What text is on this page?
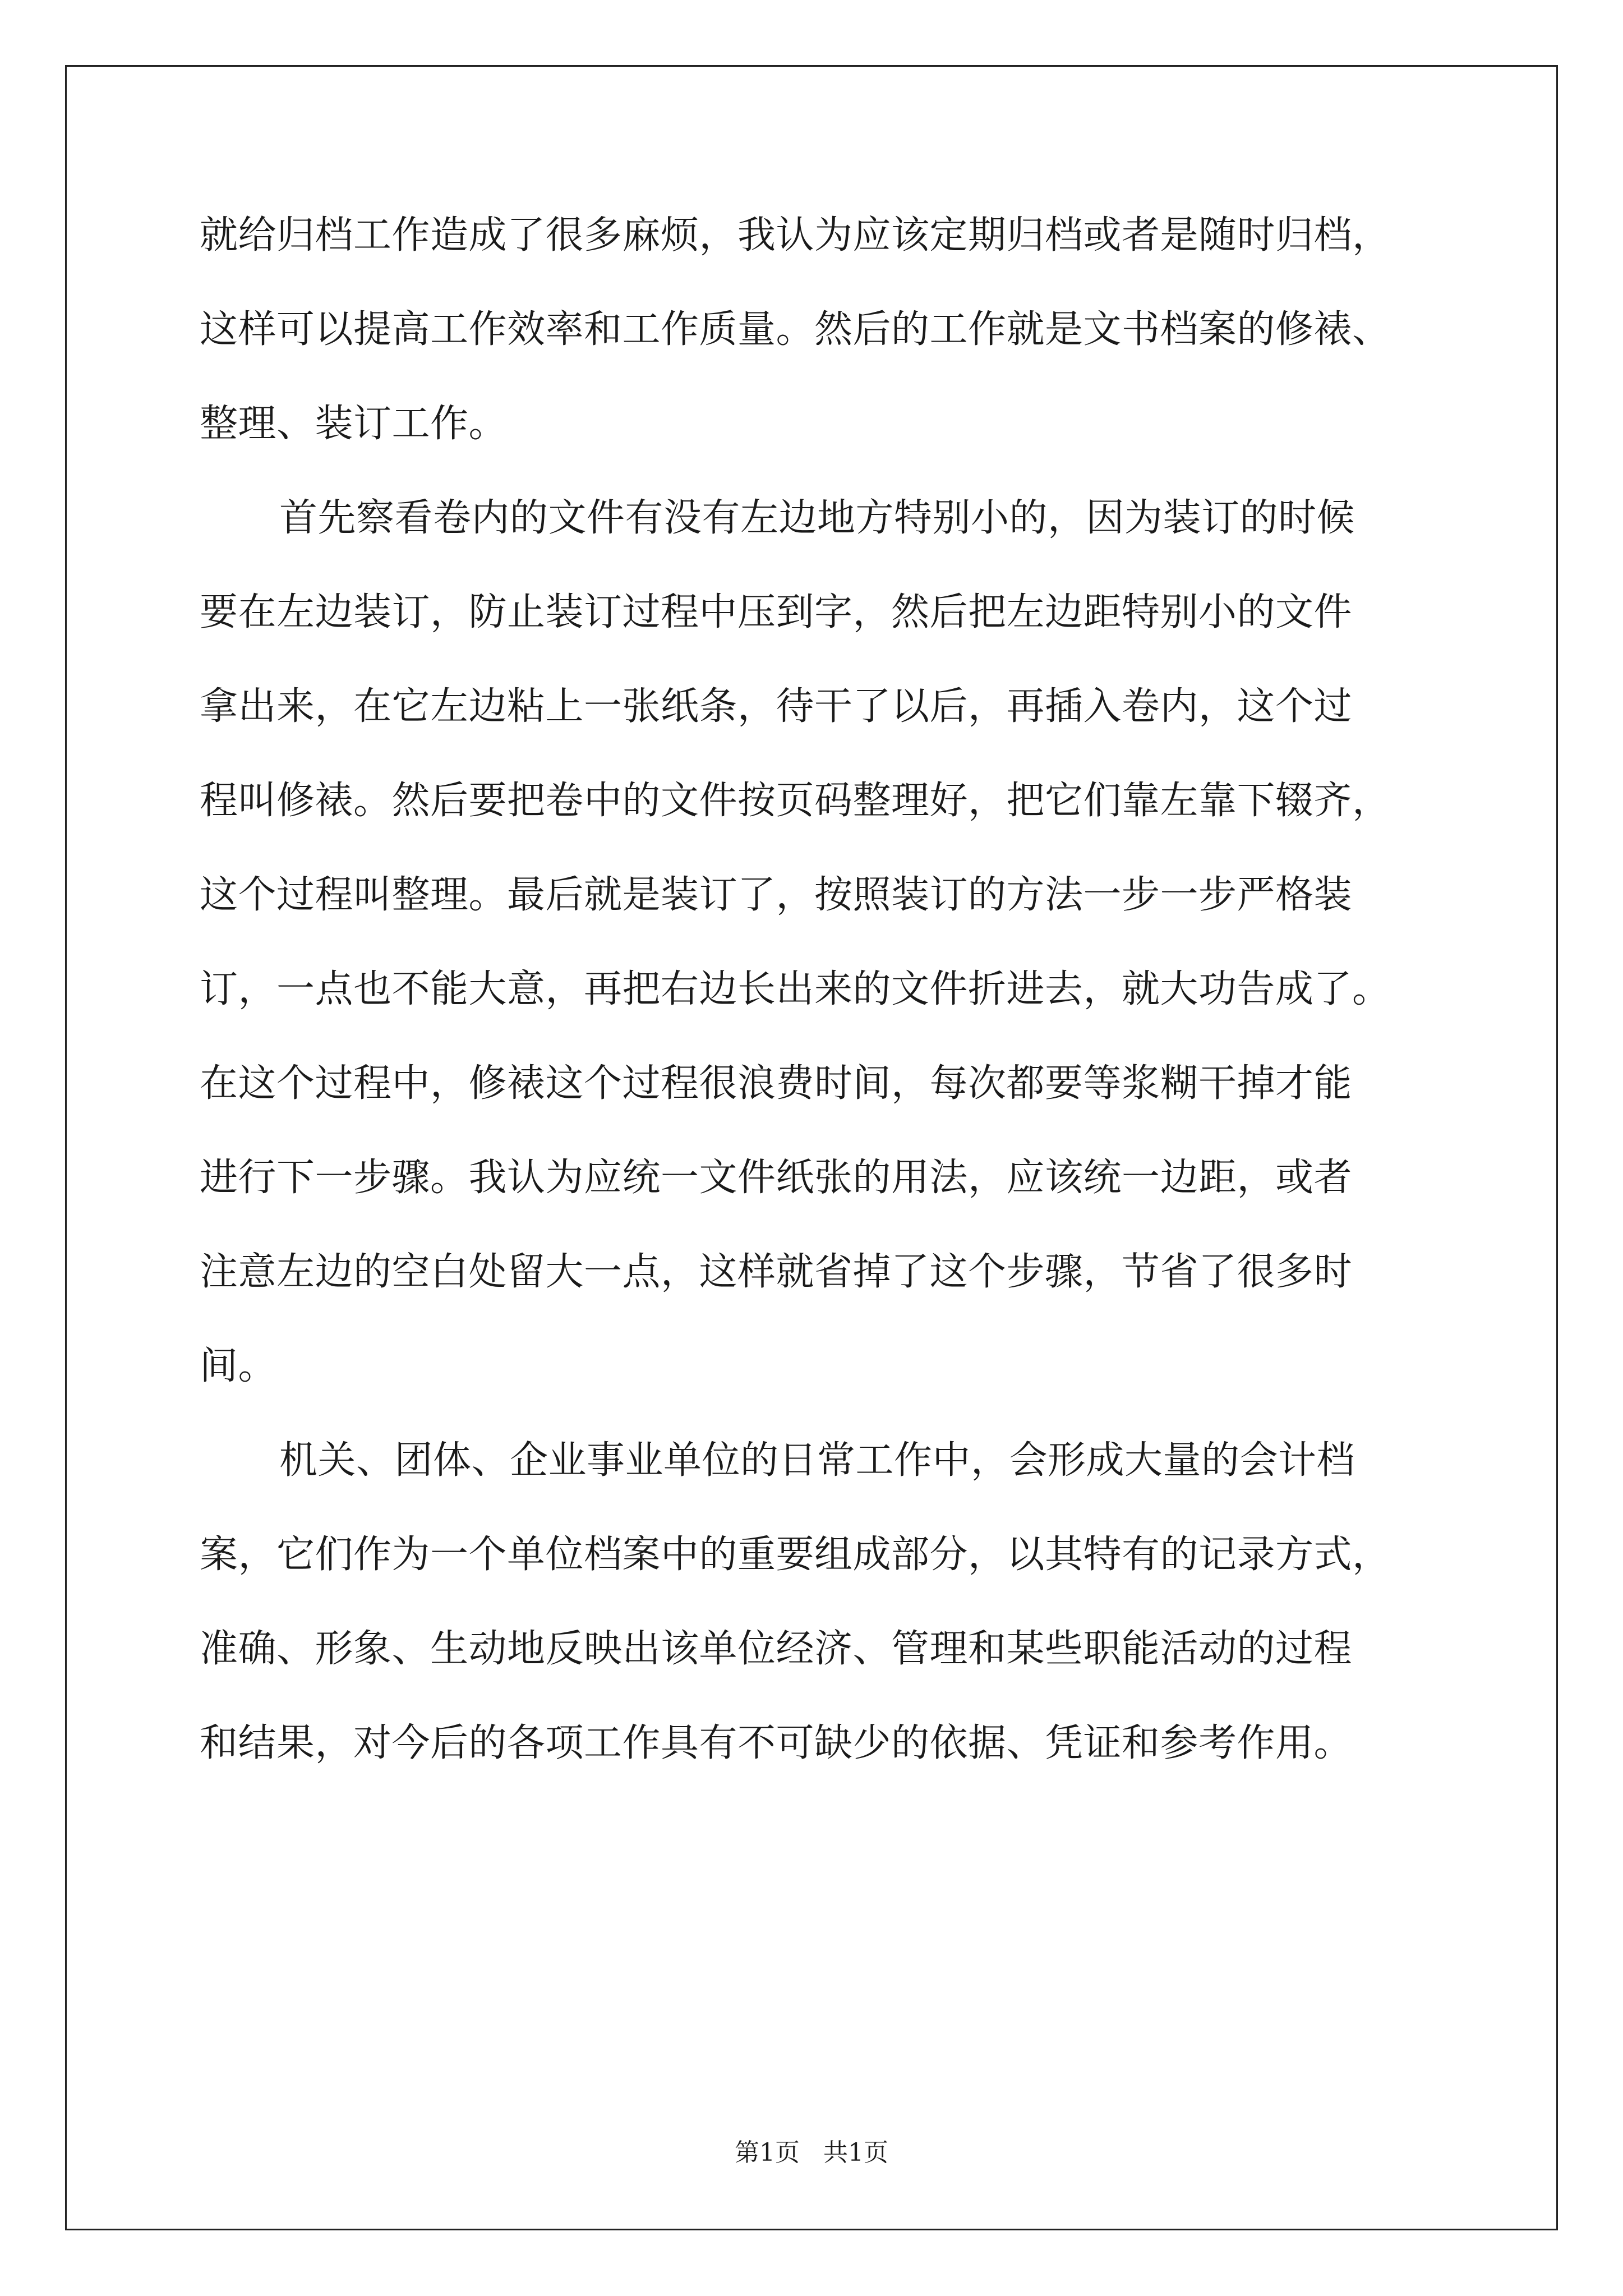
就给归档工作造成了很多麻烦，我认为应该定期归档或者是随时归档，
这样可以提高工作效率和工作质量。然后的工作就是文书档案的修裱、
整理、装订工作。
首先察看卷内的文件有没有左边地方特别小的，因为装订的时候
要在左边装订，防止装订过程中压到字，然后把左边距特别小的文件
拿出来，在它左边粘上一张纸条，待干了以后，再插入卷内，这个过
程叫修裱。然后要把卷中的文件按页码整理好，把它们靠左靠下辍齐，
这个过程叫整理。最后就是装订了，按照装订的方法一步一步严格装
订，一点也不能大意，再把右边长出来的文件折进去，就大功告成了。
在这个过程中，修裱这个过程很浪费时间，每次都要等浆糊干掉才能
进行下一步骤。我认为应统一文件纸张的用法，应该统一边距，或者
注意左边的空白处留大一点，这样就省掉了这个步骤，节省了很多时
间。
机关、团体、企业事业单位的日常工作中，会形成大量的会计档
案，它们作为一个单位档案中的重要组成部分，以其特有的记录方式，
准确、形象、生动地反映出该单位经济、管理和某些职能活动的过程
和结果，对今后的各项工作具有不可缺少的依据、凭证和参考作用。
第1页   共1页
